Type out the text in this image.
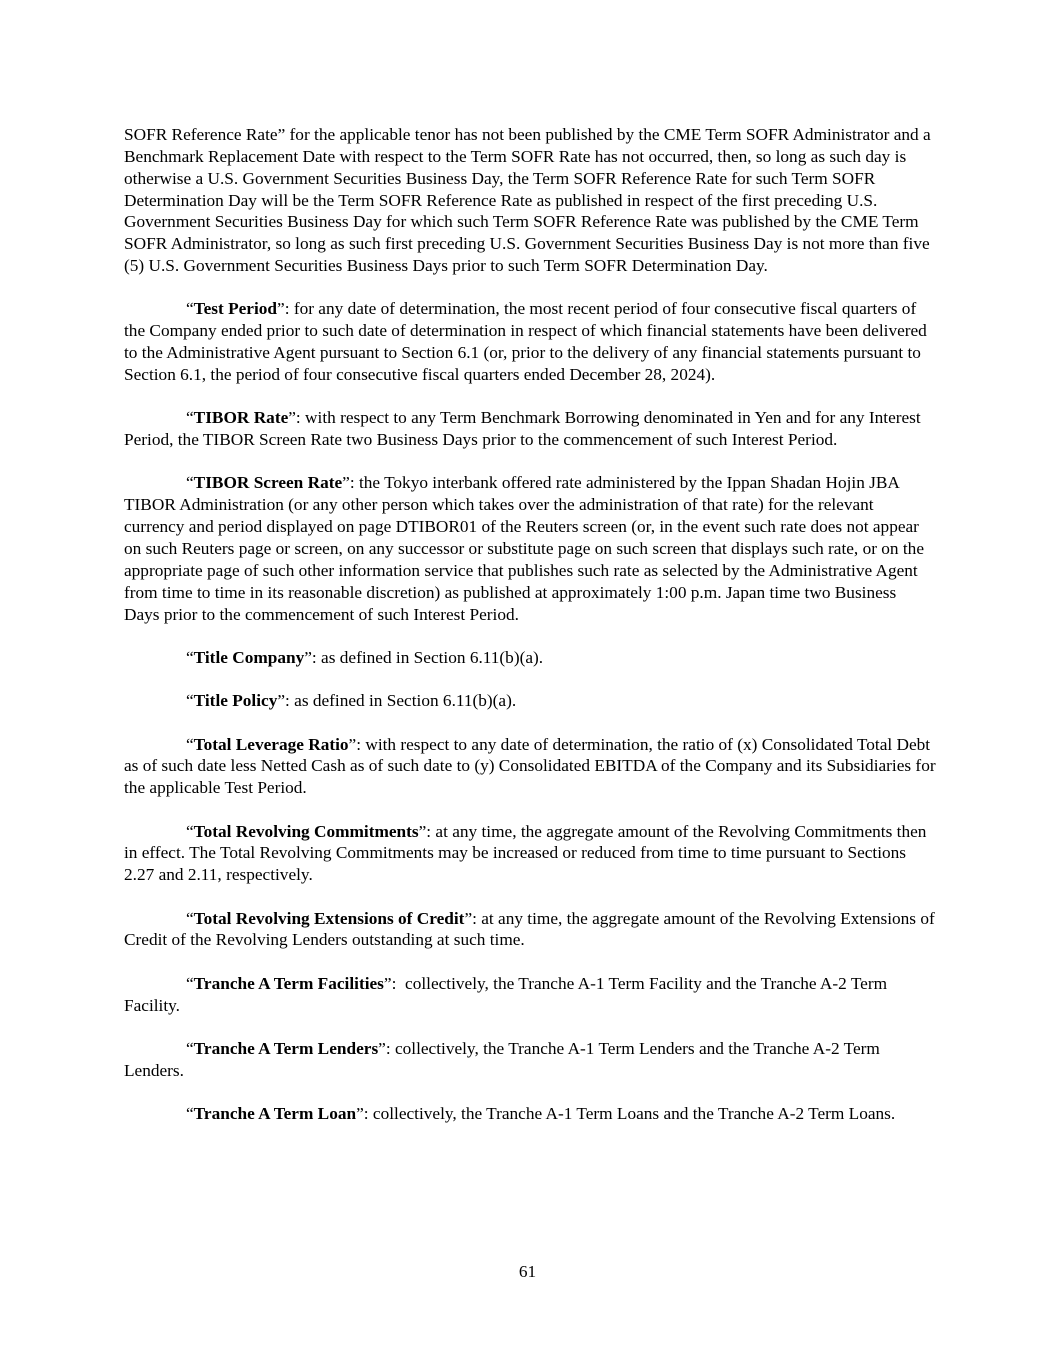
SOFR Reference Rate” for the applicable tenor has not been published by the CME Term SOFR Administrator and a Benchmark Replacement Date with respect to the Term SOFR Rate has not occurred, then, so long as such day is otherwise a U.S. Government Securities Business Day, the Term SOFR Reference Rate for such Term SOFR Determination Day will be the Term SOFR Reference Rate as published in respect of the first preceding U.S. Government Securities Business Day for which such Term SOFR Reference Rate was published by the CME Term SOFR Administrator, so long as such first preceding U.S. Government Securities Business Day is not more than five (5) U.S. Government Securities Business Days prior to such Term SOFR Determination Day.

“Test Period”: for any date of determination, the most recent period of four consecutive fiscal quarters of the Company ended prior to such date of determination in respect of which financial statements have been delivered to the Administrative Agent pursuant to Section 6.1 (or, prior to the delivery of any financial statements pursuant to Section 6.1, the period of four consecutive fiscal quarters ended December 28, 2024).

“TIBOR Rate”: with respect to any Term Benchmark Borrowing denominated in Yen and for any Interest Period, the TIBOR Screen Rate two Business Days prior to the commencement of such Interest Period.

“TIBOR Screen Rate”: the Tokyo interbank offered rate administered by the Ippan Shadan Hojin JBA TIBOR Administration (or any other person which takes over the administration of that rate) for the relevant currency and period displayed on page DTIBOR01 of the Reuters screen (or, in the event such rate does not appear on such Reuters page or screen, on any successor or substitute page on such screen that displays such rate, or on the appropriate page of such other information service that publishes such rate as selected by the Administrative Agent from time to time in its reasonable discretion) as published at approximately 1:00 p.m. Japan time two Business Days prior to the commencement of such Interest Period.

“Title Company”: as defined in Section 6.11(b)(a).

“Title Policy”: as defined in Section 6.11(b)(a).

“Total Leverage Ratio”: with respect to any date of determination, the ratio of (x) Consolidated Total Debt as of such date less Netted Cash as of such date to (y) Consolidated EBITDA of the Company and its Subsidiaries for the applicable Test Period.

“Total Revolving Commitments”: at any time, the aggregate amount of the Revolving Commitments then in effect. The Total Revolving Commitments may be increased or reduced from time to time pursuant to Sections 2.27 and 2.11, respectively.

“Total Revolving Extensions of Credit”: at any time, the aggregate amount of the Revolving Extensions of Credit of the Revolving Lenders outstanding at such time.

“Tranche A Term Facilities”:  collectively, the Tranche A-1 Term Facility and the Tranche A-2 Term Facility.

“Tranche A Term Lenders”: collectively, the Tranche A-1 Term Lenders and the Tranche A-2 Term Lenders.

“Tranche A Term Loan”: collectively, the Tranche A-1 Term Loans and the Tranche A-2 Term Loans.

61
